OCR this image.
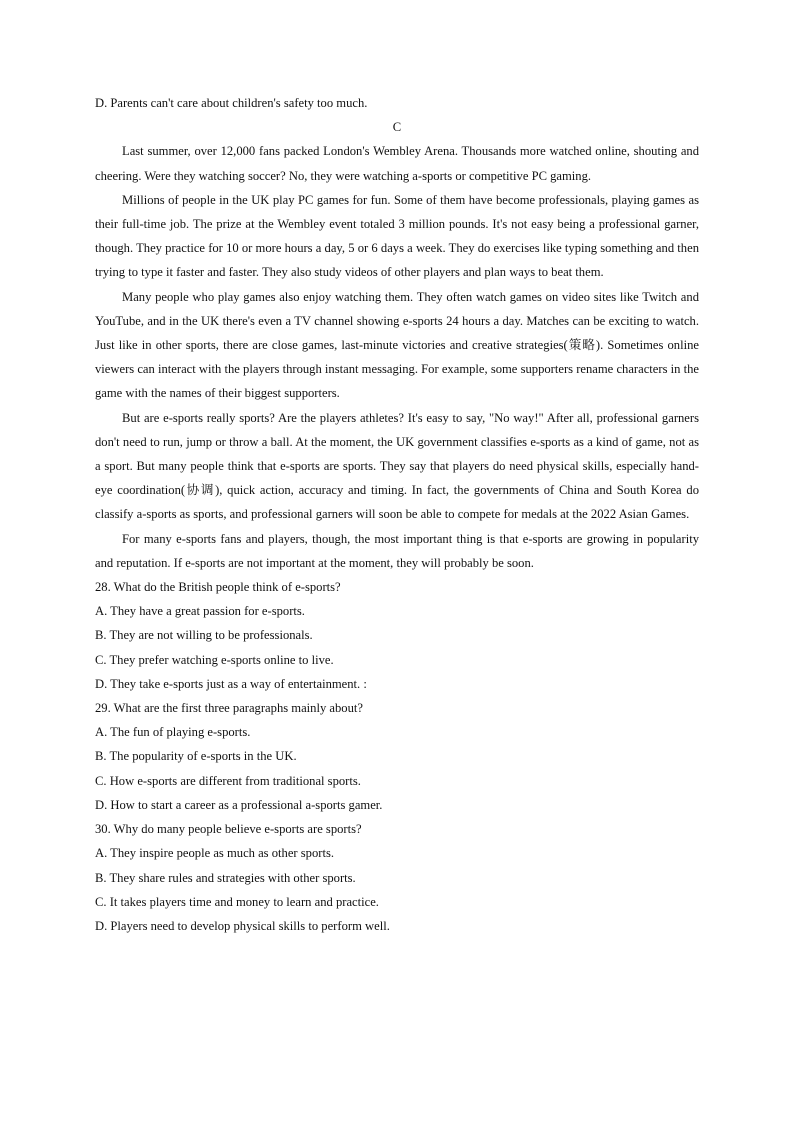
D. Parents can't care about children's safety too much.

C

Last summer, over 12,000 fans packed London's Wembley Arena. Thousands more watched online, shouting and cheering. Were they watching soccer? No, they were watching a-sports or competitive PC gaming.

Millions of people in the UK play PC games for fun. Some of them have become professionals, playing games as their full-time job. The prize at the Wembley event totaled 3 million pounds. It's not easy being a professional garner, though. They practice for 10 or more hours a day, 5 or 6 days a week. They do exercises like typing something and then trying to type it faster and faster. They also study videos of other players and plan ways to beat them.

Many people who play games also enjoy watching them. They often watch games on video sites like Twitch and YouTube, and in the UK there's even a TV channel showing e-sports 24 hours a day. Matches can be exciting to watch. Just like in other sports, there are close games, last-minute victories and creative strategies(策略). Sometimes online viewers can interact with the players through instant messaging. For example, some supporters rename characters in the game with the names of their biggest supporters.

But are e-sports really sports? Are the players athletes? It's easy to say, "No way!" After all, professional garners don't need to run, jump or throw a ball. At the moment, the UK government classifies e-sports as a kind of game, not as a sport. But many people think that e-sports are sports. They say that players do need physical skills, especially hand-eye coordination(协调), quick action, accuracy and timing. In fact, the governments of China and South Korea do classify a-sports as sports, and professional garners will soon be able to compete for medals at the 2022 Asian Games.

For many e-sports fans and players, though, the most important thing is that e-sports are growing in popularity and reputation. If e-sports are not important at the moment, they will probably be soon.

28. What do the British people think of e-sports?

A. They have a great passion for e-sports.

B. They are not willing to be professionals.

C. They prefer watching e-sports online to live.

D. They take e-sports just as a way of entertainment. :

29. What are the first three paragraphs mainly about?

A. The fun of playing e-sports.

B. The popularity of e-sports in the UK.

C. How e-sports are different from traditional sports.

D. How to start a career as a professional a-sports gamer.

30. Why do many people believe e-sports are sports?

A. They inspire people as much as other sports.

B. They share rules and strategies with other sports.

C. It takes players time and money to learn and practice.

D. Players need to develop physical skills to perform well.
